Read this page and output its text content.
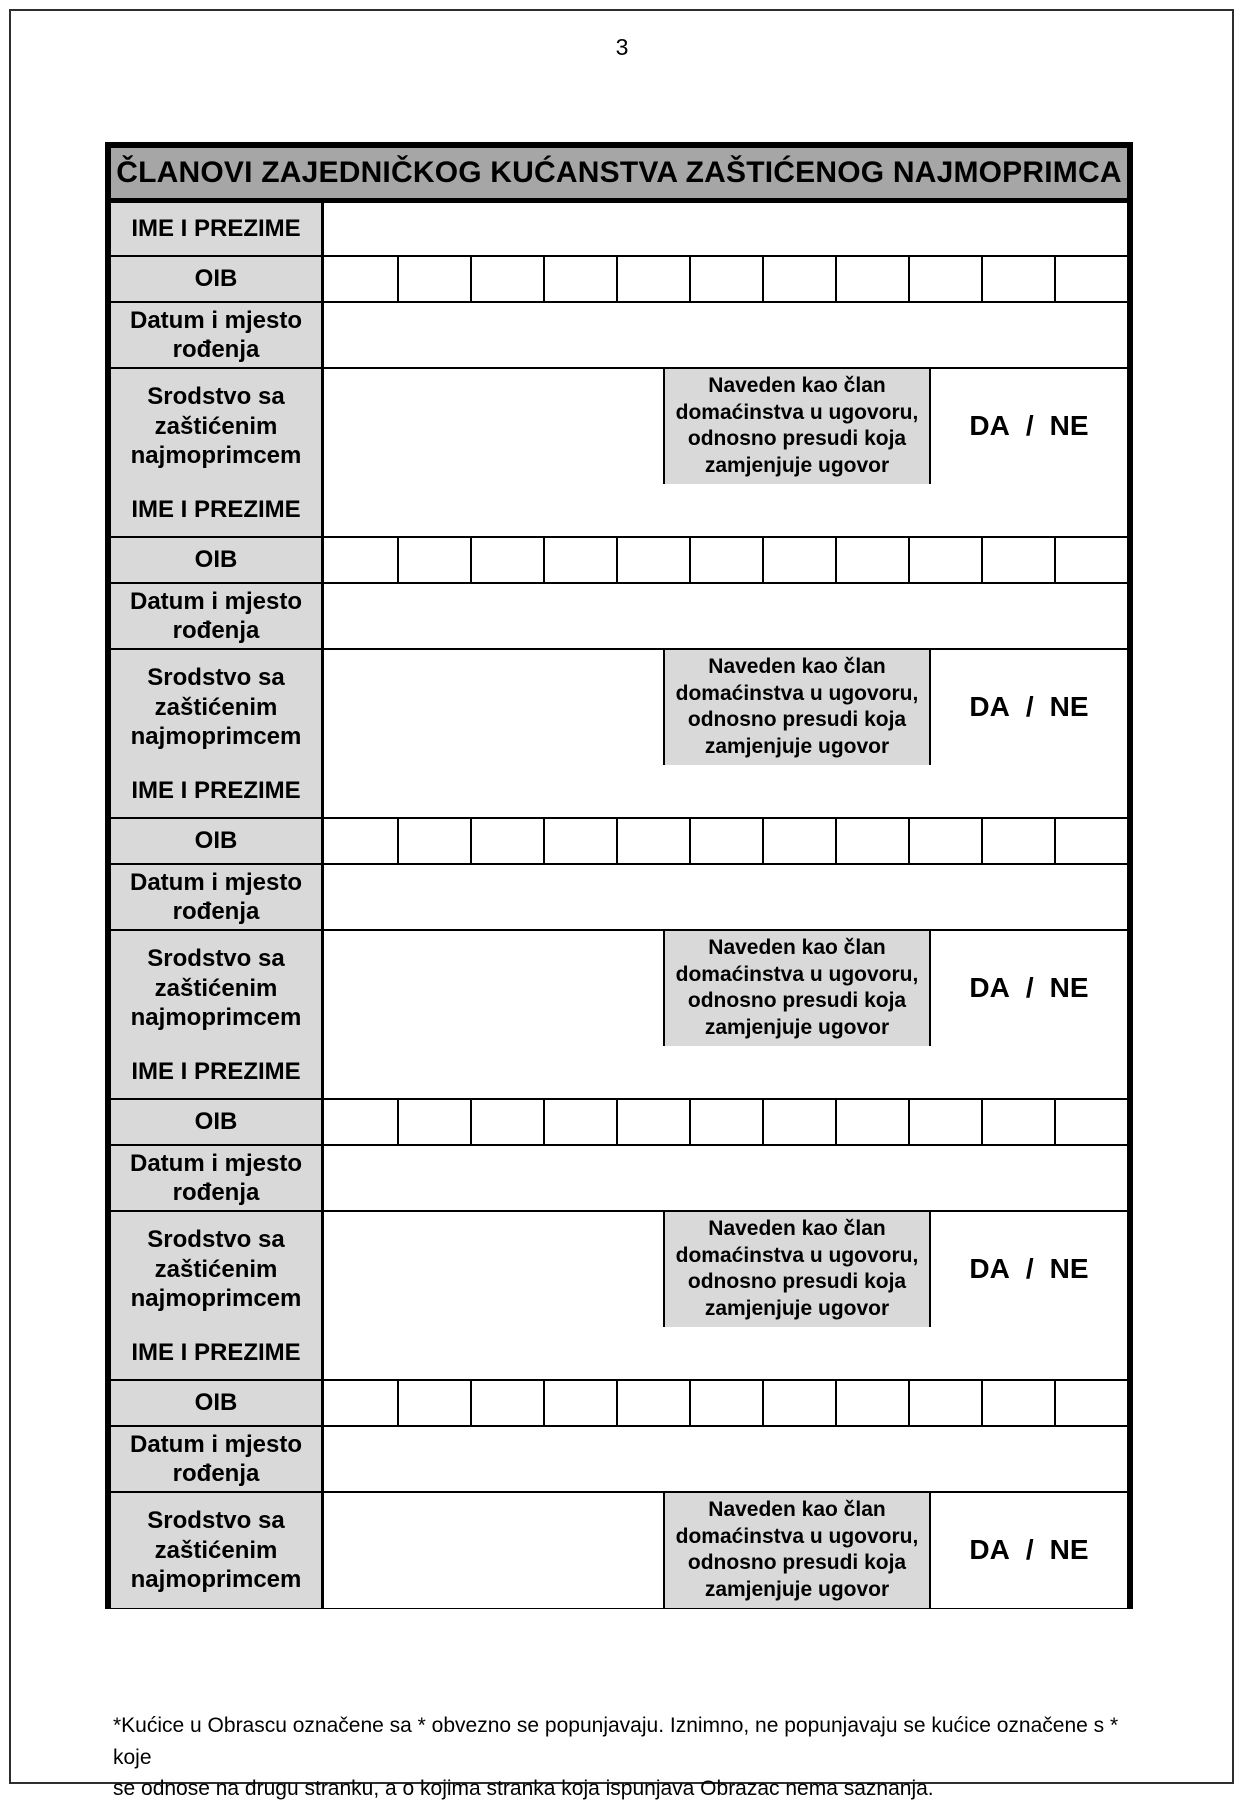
3
ČLANOVI ZAJEDNIČKOG KUĆANSTVA ZAŠTIĆENOG NAJMOPRIMCA
IME I PREZIME
OIB
Datum i mjesto rođenja
Srodstvo sa zaštićenim najmoprimcem
Naveden kao član
domaćinstva u ugovoru,
odnosno presudi koja
zamjenjuje ugovor
DA / NE
IME I PREZIME
OIB
Datum i mjesto rođenja
Srodstvo sa zaštićenim najmoprimcem
Naveden kao član
domaćinstva u ugovoru,
odnosno presudi koja
zamjenjuje ugovor
DA / NE
IME I PREZIME
OIB
Datum i mjesto rođenja
Srodstvo sa zaštićenim najmoprimcem
Naveden kao član
domaćinstva u ugovoru,
odnosno presudi koja
zamjenjuje ugovor
DA / NE
IME I PREZIME
OIB
Datum i mjesto rođenja
Srodstvo sa zaštićenim najmoprimcem
Naveden kao član
domaćinstva u ugovoru,
odnosno presudi koja
zamjenjuje ugovor
DA / NE
IME I PREZIME
OIB
Datum i mjesto rođenja
Srodstvo sa zaštićenim najmoprimcem
Naveden kao član
domaćinstva u ugovoru,
odnosno presudi koja
zamjenjuje ugovor
DA / NE
*Kućice u Obrascu označene sa * obvezno se popunjavaju. Iznimno, ne popunjavaju se kućice označene s * koje
se odnose na drugu stranku, a o kojima stranka koja ispunjava Obrazac nema saznanja.
